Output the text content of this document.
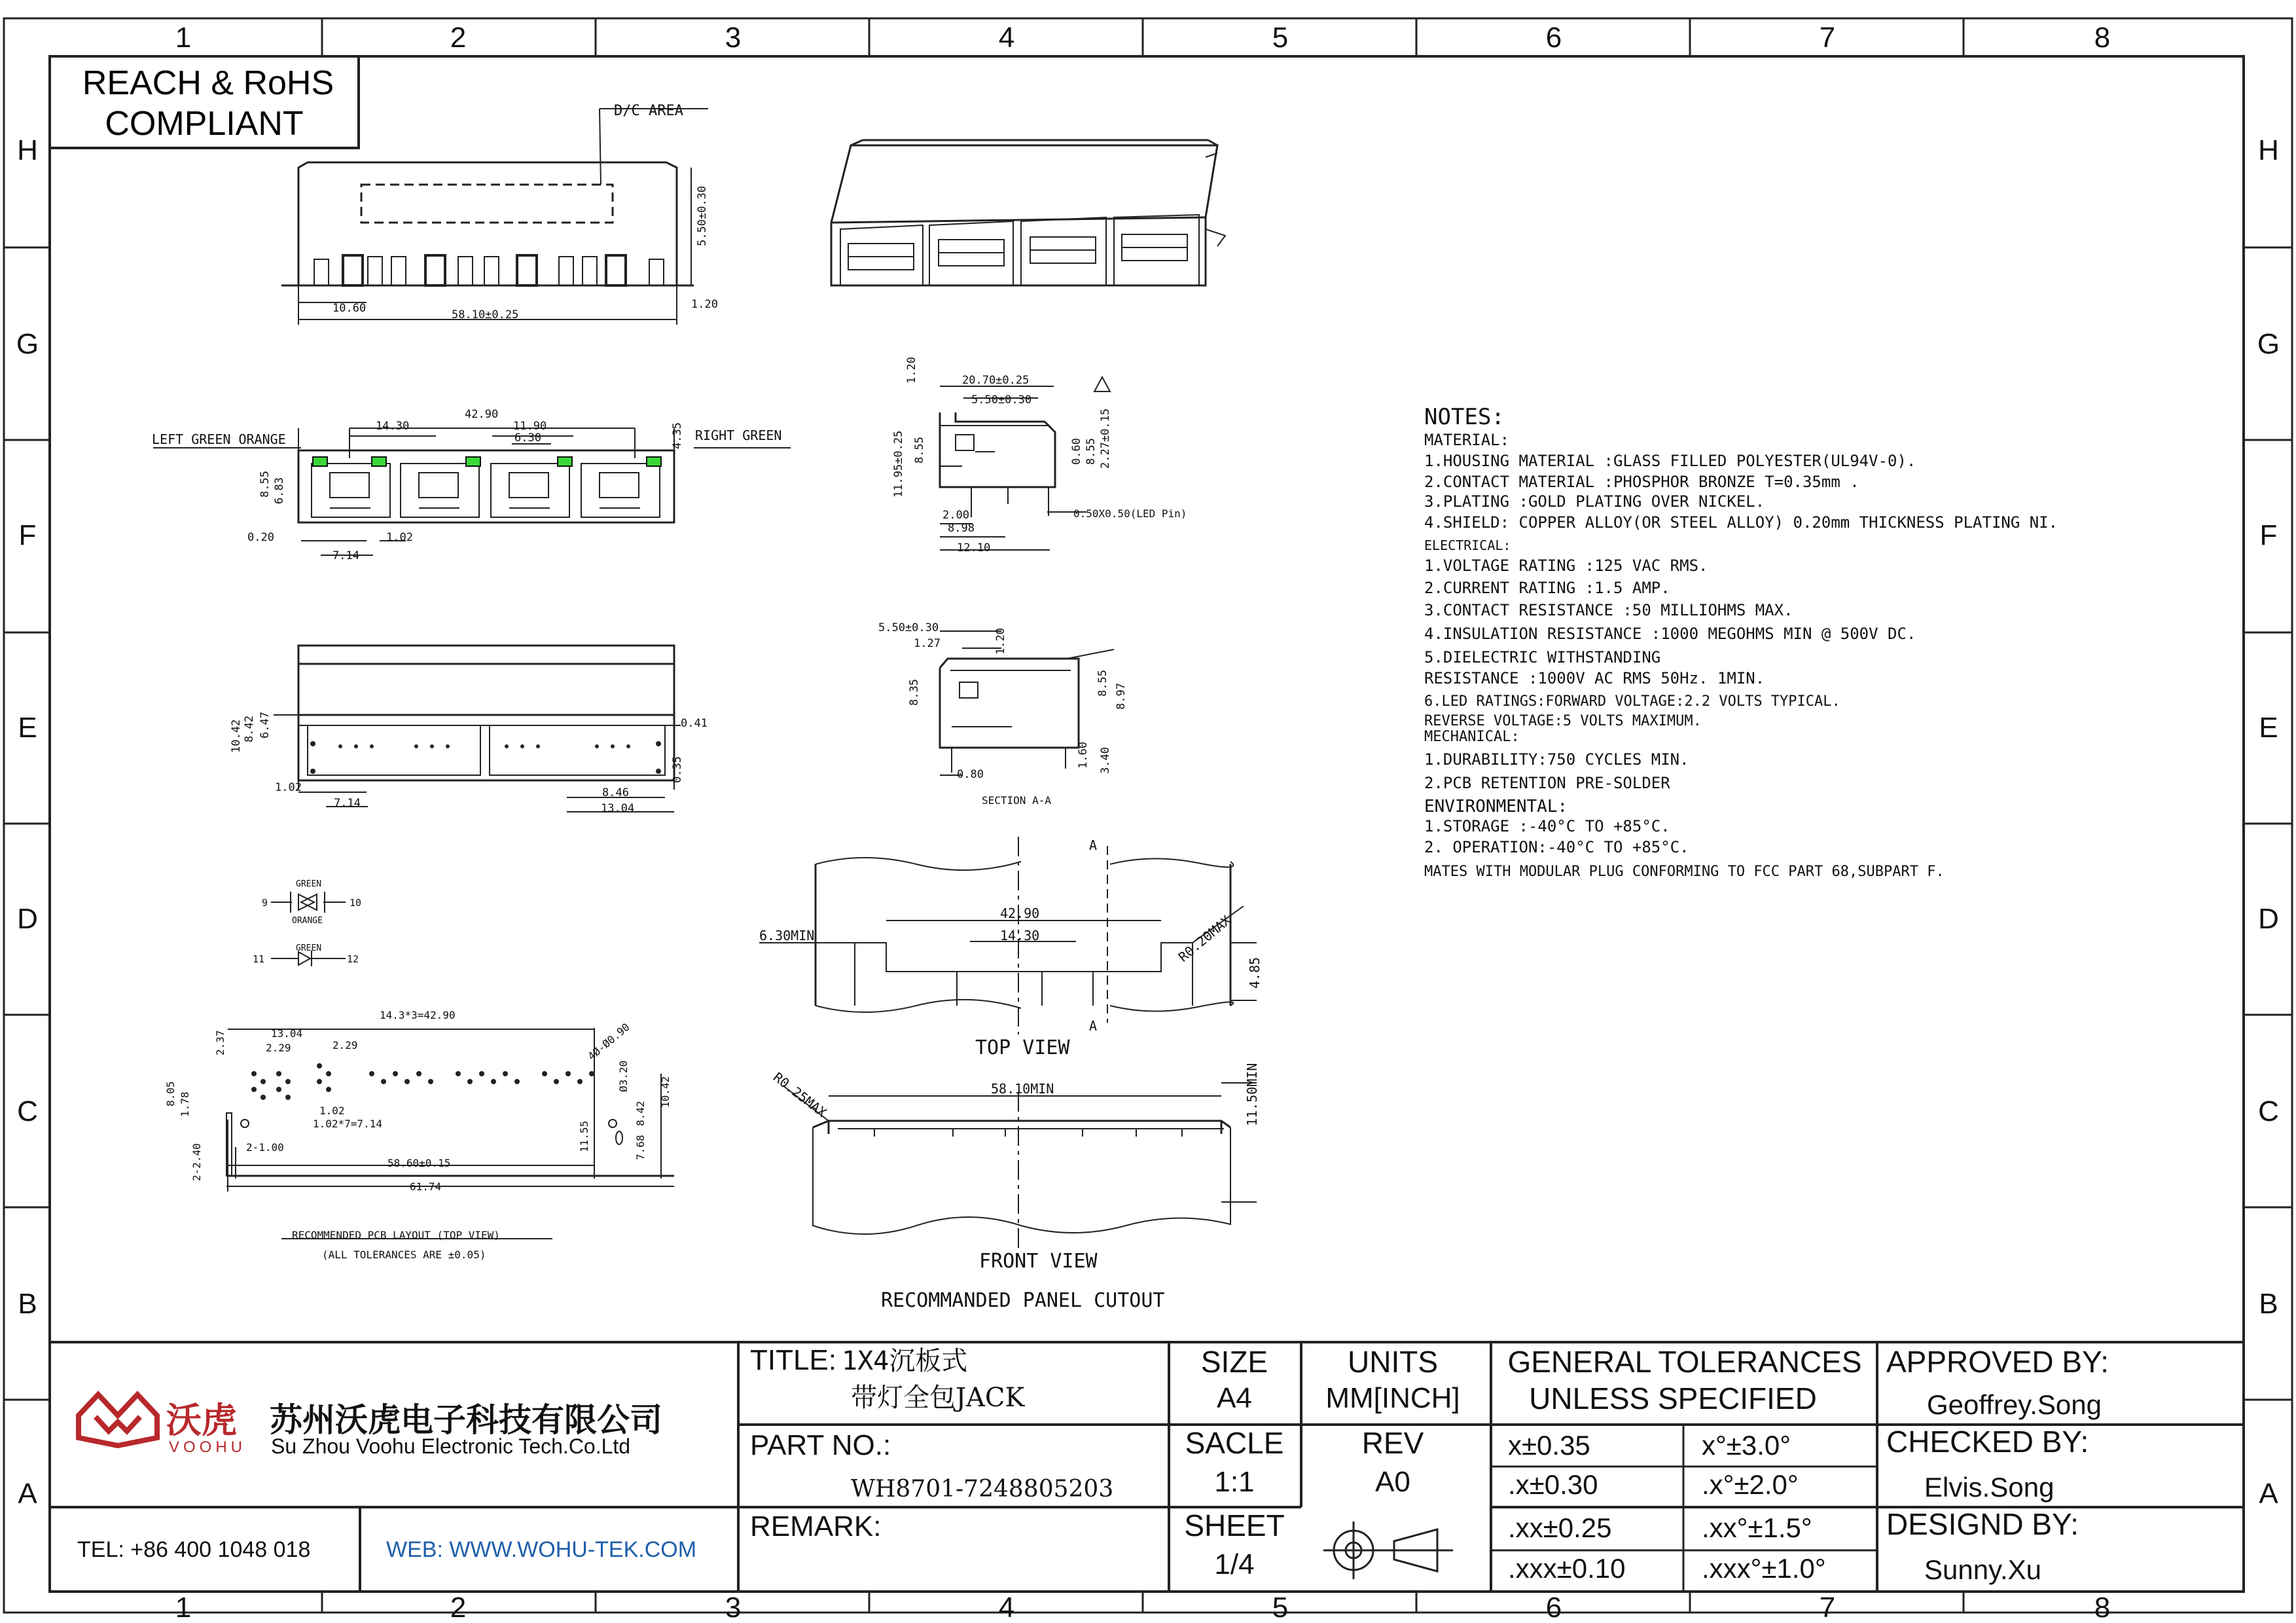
1	2	3	4	5	6	7	8
1	2	3	4	5	6	7	8
H
G
F
E
D
C
B
A
H
G
F
E
D
C
B
A
REACH & RoHS
COMPLIANT	D/C AREA
10.60	58.10±0.25
5.50±0.30
1.20
LEFT GREEN ORANGE	RIGHT GREEN
42.90
14.30	11.90
6.30	4.35
8.55 6.83
0.20	1.02
7.14
20.70±0.25
5.50±0.30
1.20
11.95±0.25 8.55
2.00
8.98
12.10
0.60 8.55 2.27±0.15
0.50X0.50(LED Pin)
10.42 8.42 6.47	0.41
0.35
1.02
7.14
8.46
13.04
5.50±0.30
1.27	1.20
8.35	8.55 8.97
1.60 3.40
0.80
SECTION A-A
GREEN
ORANGE
9	10
GREEN
11	12
14.3*3=42.90
2.37	13.04
2.29	2.29
8.05 1.78	1.02
1.02*7=7.14
2-1.00
58.60±0.15
61.74
2-2.40
4Ø-Ø0.90
Ø3.20	10.42
11.55	7.68
8.42
RECOMMENDED PCB LAYOUT (TOP VIEW)
(ALL TOLERANCES ARE ±0.05)
6.30MIN
42.90
14.30	R0.20MAX
4.85
A
A
TOP VIEW
58.10MIN
R0.25MAX	11.50MIN
FRONT VIEW
RECOMMANDED PANEL CUTOUT
NOTES:
MATERIAL:
1.HOUSING MATERIAL :GLASS FILLED POLYESTER(UL94V-0).
2.CONTACT MATERIAL :PHOSPHOR BRONZE T=0.35mm .
3.PLATING :GOLD PLATING OVER NICKEL.
4.SHIELD: COPPER ALLOY(OR STEEL ALLOY) 0.20mm THICKNESS PLATING NI.
ELECTRICAL:
1.VOLTAGE RATING :125 VAC RMS.
2.CURRENT RATING :1.5 AMP.
3.CONTACT RESISTANCE :50 MILLIOHMS MAX.
4.INSULATION RESISTANCE :1000 MEGOHMS MIN @ 500V DC.
5.DIELECTRIC WITHSTANDING
RESISTANCE :1000V AC RMS 50Hz. 1MIN.
6.LED RATINGS:FORWARD VOLTAGE:2.2 VOLTS TYPICAL.
REVERSE VOLTAGE:5 VOLTS MAXIMUM.
MECHANICAL:
1.DURABILITY:750 CYCLES MIN.
2.PCB RETENTION PRE-SOLDER
ENVIRONMENTAL:
1.STORAGE :-40°C TO +85°C.
2. OPERATION:-40°C TO +85°C.
MATES WITH MODULAR PLUG CONFORMING TO FCC PART 68,SUBPART F.
沃虎
VOOHU
苏州沃虎电子科技有限公司
Su Zhou Voohu Electronic Tech.Co.Ltd
TEL: +86 400 1048 018	WEB: WWW.WOHU-TEK.COM
TITLE: 1X4沉板式
带灯全包JACK
PART NO.:
WH8701-7248805203
REMARK:
SIZE
A4
UNITS
MM[INCH]
SACLE
1:1
REV
A0
SHEET
1/4
GENERAL TOLERANCES
UNLESS SPECIFIED
x±0.35	x°±3.0°
.x±0.30	.x°±2.0°
.xx±0.25	.xx°±1.5°
.xxx±0.10	.xxx°±1.0°
APPROVED BY:
Geoffrey.Song
CHECKED BY:
Elvis.Song
DESIGND BY:
Sunny.Xu
